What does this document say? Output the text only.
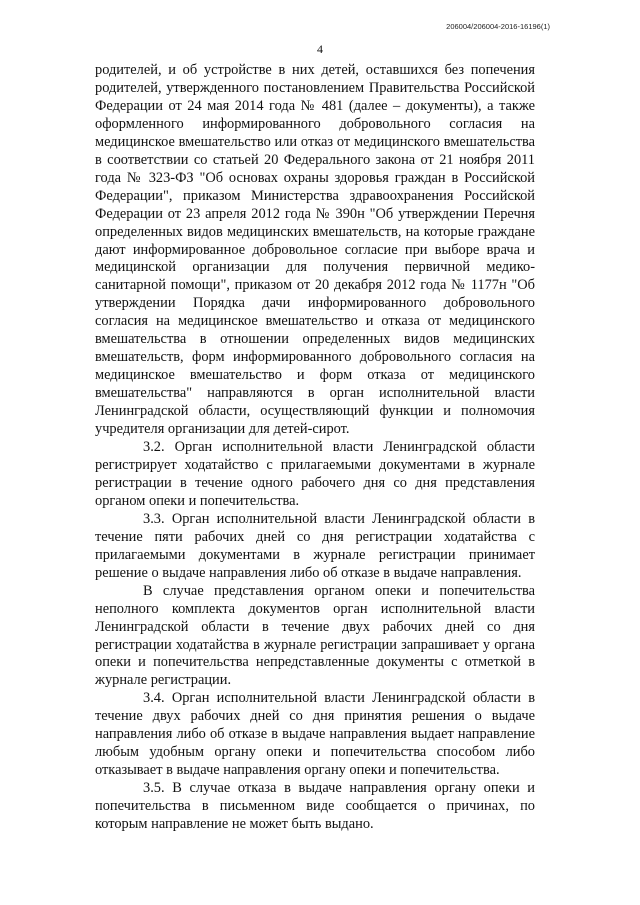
206004/206004-2016-16196(1)
4

родителей, и об устройстве в них детей, оставшихся без попечения родителей, утвержденного постановлением Правительства Российской Федерации от 24 мая 2014 года № 481 (далее – документы), а также оформленного информированного добровольного согласия на медицинское вмешательство или отказ от медицинского вмешательства в соответствии со статьей 20 Федерального закона от 21 ноября 2011 года № 323-ФЗ "Об основах охраны здоровья граждан в Российской Федерации", приказом Министерства здравоохранения Российской Федерации от 23 апреля 2012 года № 390н "Об утверждении Перечня определенных видов медицинских вмешательств, на которые граждане дают информированное добровольное согласие при выборе врача и медицинской организации для получения первичной медико-санитарной помощи", приказом от 20 декабря 2012 года № 1177н "Об утверждении Порядка дачи информированного добровольного согласия на медицинское вмешательство и отказа от медицинского вмешательства в отношении определенных видов медицинских вмешательств, форм информированного добровольного согласия на медицинское вмешательство и форм отказа от медицинского вмешательства" направляются в орган исполнительной власти Ленинградской области, осуществляющий функции и полномочия учредителя организации для детей-сирот.

3.2. Орган исполнительной власти Ленинградской области регистрирует ходатайство с прилагаемыми документами в журнале регистрации в течение одного рабочего дня со дня представления органом опеки и попечительства.

3.3. Орган исполнительной власти Ленинградской области в течение пяти рабочих дней со дня регистрации ходатайства с прилагаемыми документами в журнале регистрации принимает решение о выдаче направления либо об отказе в выдаче направления.

В случае представления органом опеки и попечительства неполного комплекта документов орган исполнительной власти Ленинградской области в течение двух рабочих дней со дня регистрации ходатайства в журнале регистрации запрашивает у органа опеки и попечительства непредставленные документы с отметкой в журнале регистрации.

3.4. Орган исполнительной власти Ленинградской области в течение двух рабочих дней со дня принятия решения о выдаче направления либо об отказе в выдаче направления выдает направление любым удобным органу опеки и попечительства способом либо отказывает в выдаче направления органу опеки и попечительства.

3.5. В случае отказа в выдаче направления органу опеки и попечительства в письменном виде сообщается о причинах, по которым направление не может быть выдано.
